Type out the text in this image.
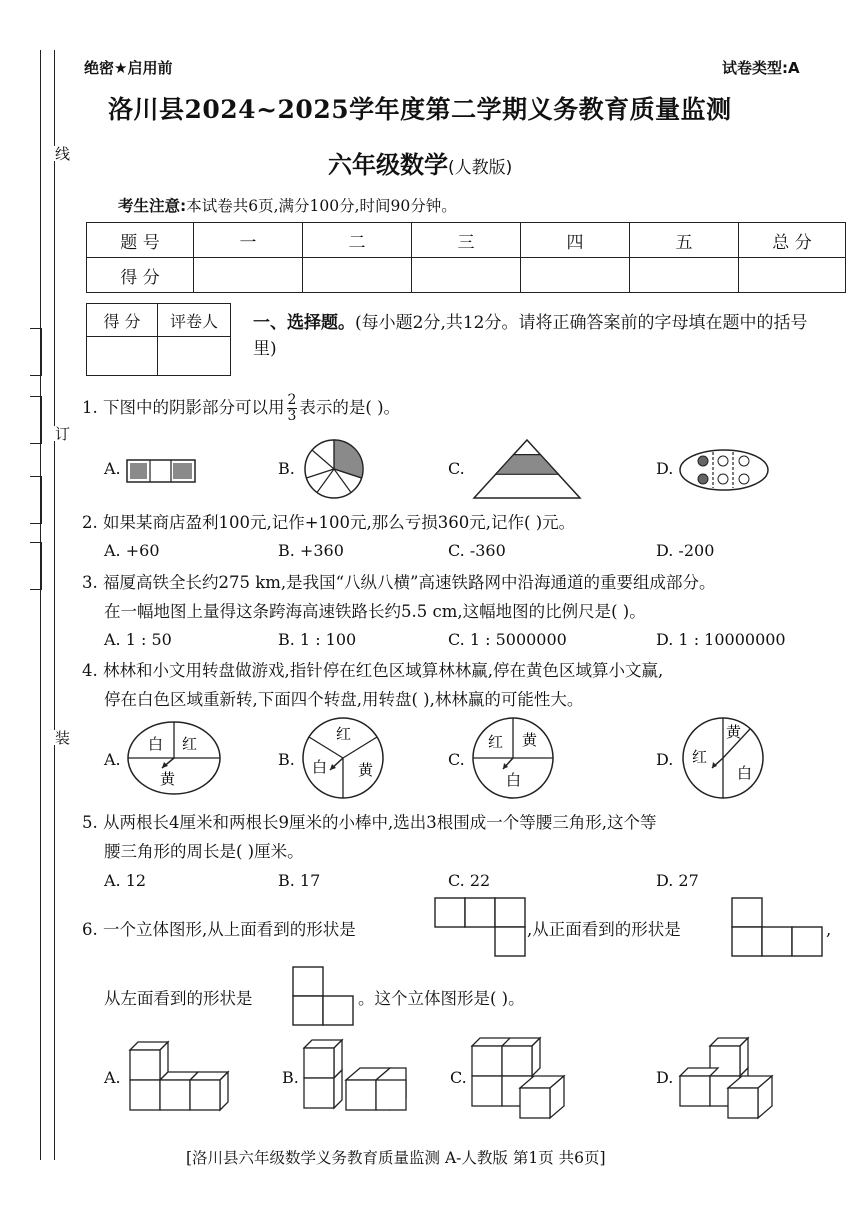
线
订
装
绝密★启用前	试卷类型:A
洛川县2024~2025学年度第二学期义务教育质量监测
六年级数学(人教版)
考生注意:本试卷共6页,满分100分,时间90分钟。
题 号	一	二	三	四	五	总 分
得 分						
得 分	评卷人
	一、选择题。(每小题2分,共12分。请将正确答案前的字母填在题中的括号里)
1. 下图中的阴影部分可以用 $\frac{2}{3}$ 表示的是( )。
A.	B.	C.	D.
2. 如果某商店盈利100元,记作+100元,那么亏损360元,记作( )元。
A. +60	B. +360	C. -360	D. -200
3. 福厦高铁全长约275 km,是我国“八纵八横”高速铁路网中沿海通道的重要组成部分。
在一幅地图上量得这条跨海高速铁路长约5.5 cm,这幅地图的比例尺是( )。
A. 1 : 50	B. 1 : 100	C. 1 : 5000000	D. 1 : 10000000
4. 林林和小文用转盘做游戏,指针停在红色区域算林林赢,停在黄色区域算小文赢,
停在白色区域重新转,下面四个转盘,用转盘( ),林林赢的可能性大。
A.	B.	C.	D.
白 红
黄
红
白 黄
红 黄
白
黄
红
白
5. 从两根长4厘米和两根长9厘米的小棒中,选出3根围成一个等腰三角形,这个等
腰三角形的周长是( )厘米。
A. 12	B. 17	C. 22	D. 27
6. 一个立体图形,从上面看到的形状是	,从正面看到的形状是	,
从左面看到的形状是	。这个立体图形是( )。
A.	B.	C.	D.
[洛川县六年级数学义务教育质量监测 A-人教版 第1页 共6页]
